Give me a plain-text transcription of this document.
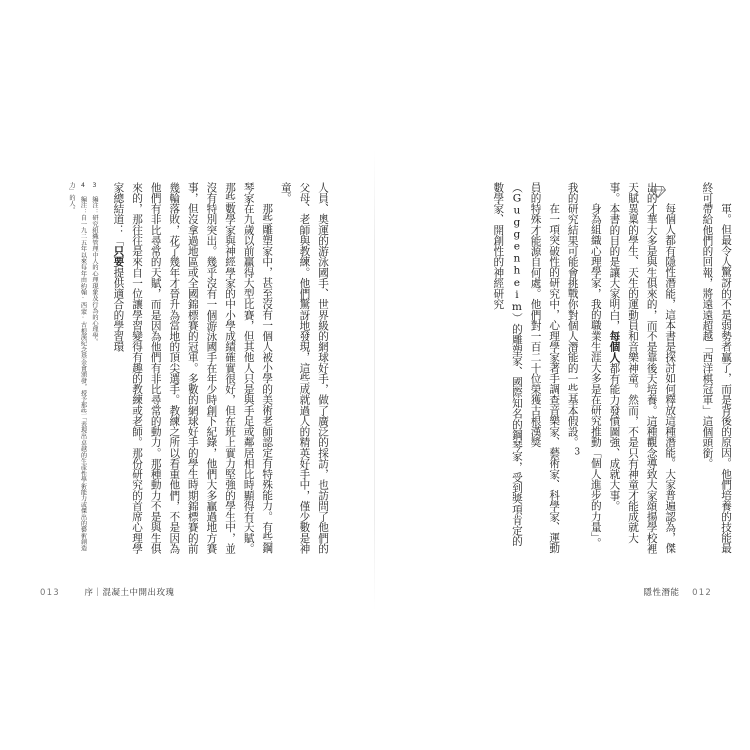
軍。但最令人驚訝的不是弱勢者贏了，而是背後的原因。他們培養的技能最終可帶給他們的回報，將遠遠超越「西洋棋冠軍」這個頭銜。

每個人都有隱性潛能，這本書是探討如何釋放這種潛能。大家普遍認為，傑出的才華大多是與生俱來的，而不是靠後天培養。這種觀念導致大家頌揚學校裡天賦異稟的學生、天生的運動員和音樂神童。然而，不是只有神童才能成就大事。本書的目的是讓大家明白，每個人都有能力發憤圖強、成就大事。

身為組織心理學家，我的職業生涯大多是在研究推動「個人進步的力量」。我的研究結果可能會挑戰你對個人潛能的一些基本假設。$^3$

在一項突破性的研究中，心理學家著手調查音樂家、藝術家、科學家、運動員的特殊才能源自何處。他們對一百二十位榮獲古根漢獎（Guggenheim）的雕塑家、國際知名的鋼琴家，受到獎項肯定的數學家、開創性的神經研究

隱性潛能 012

人員、奧運的游泳國手、世界級的網球好手，做了廣泛的採訪，也訪問了他們的父母、老師與教練。他們驚訝地發現，這些成就過人的精英好手中，僅少數是神童。

那些雕塑家中，甚至沒有一個人被小學的美術老師認定有特殊能力。有些鋼琴家在九歲以前贏得大型比賽，但其他人只是與手足或鄰居相比時顯得有天賦。那些數學家與神經學家的中小學成績確實很好，但在班上實力堅強的學生中，並沒有特別突出。幾乎沒有一個游泳國手在年少時創下紀錄，他們大多贏過地方賽事，但沒拿過地區或全國錦標賽的冠軍。多數的網球好手的學生時期錦標賽的前幾輪落敗，花了幾年才晉升為當地的頂尖選手。教練之所以看重他們，不是因為他們有非比尋常的天賦，而是因為他們有非比尋常的動力。那種動力不是與生俱來的，那往往是來自一位讓學習變得有趣的教練或老師。那份研究的首席心理學家總結道：「只要提供適合的學習環

3 編注：研究組織管理中人的心理現象及行為的心理學。

4 編注：自一九二五年以來每年由約翰‧西蒙‧古根漢紀念基金會頒發，授予那些「表現出卓越的生產性學術能力或傑出的藝術創造力」的人。

013	序｜混凝土中開出玫瑰
